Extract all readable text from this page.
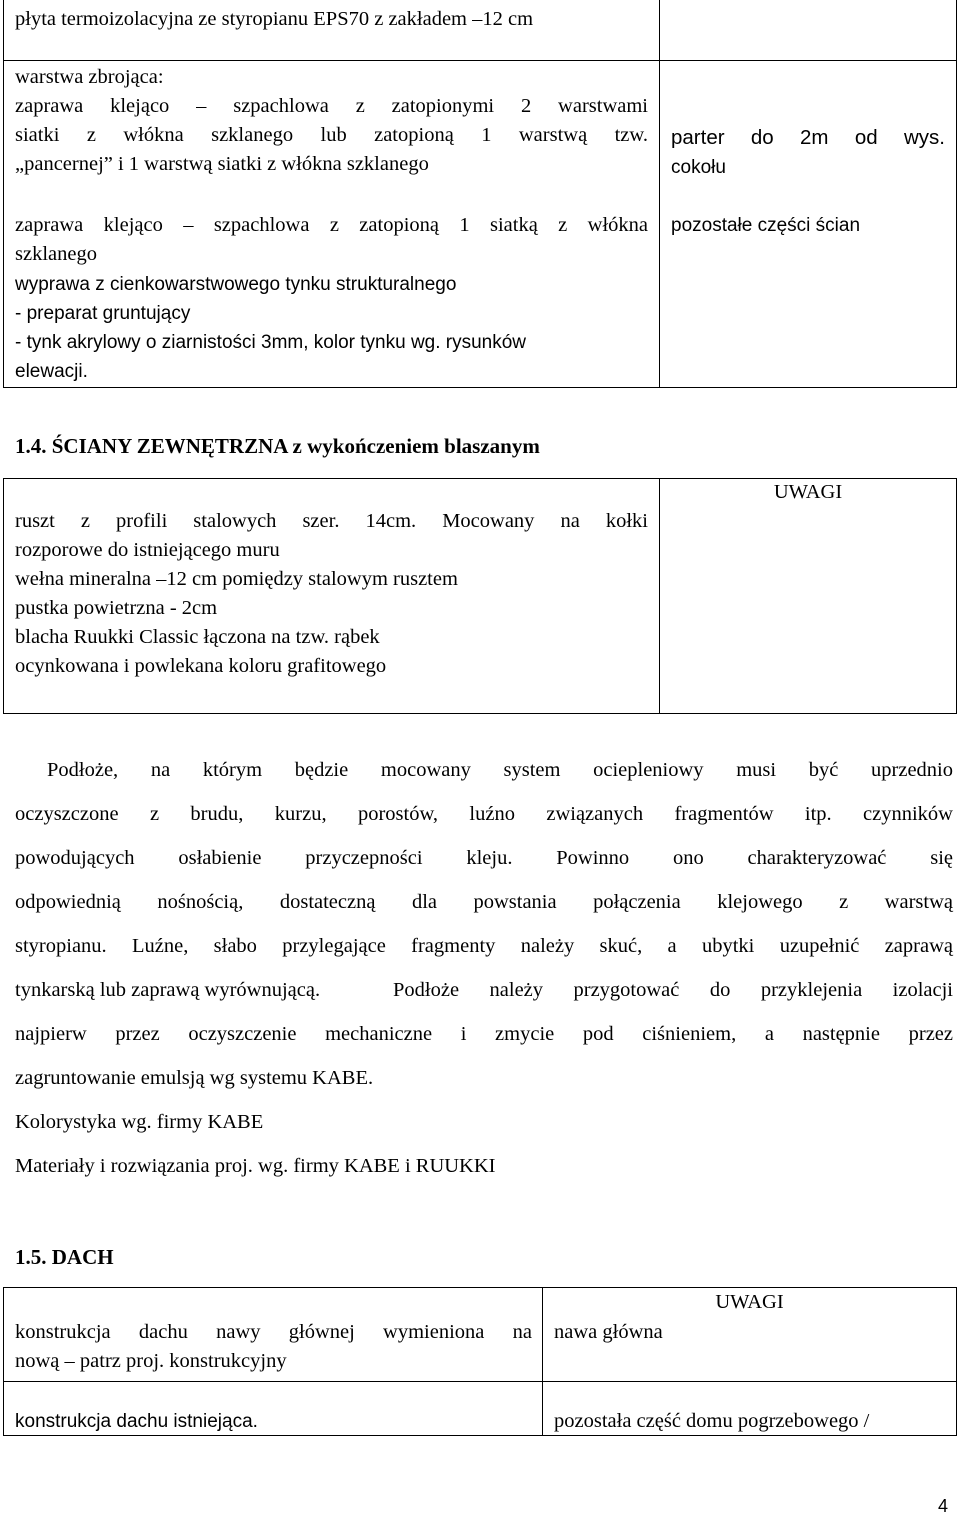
płyta termoizolacyjna ze styropianu EPS70 z zakładem –12 cm
warstwa zbrojąca:
zaprawa klejąco – szpachlowa z zatopionymi 2 warstwami
siatki z włókna szklanego lub zatopioną 1 warstwą tzw.
„pancernej” i 1 warstwą siatki z włókna szklanego
zaprawa klejąco – szpachlowa z zatopioną 1 siatką z włókna
szklanego
wyprawa z cienkowarstwowego tynku strukturalnego
- preparat gruntujący
- tynk akrylowy o ziarnistości 3mm, kolor tynku wg. rysunków
elewacji.
parter do 2m od wys.
cokołu
pozostałe części ścian
1.4. ŚCIANY ZEWNĘTRZNA z wykończeniem blaszanym
UWAGI
ruszt z profili stalowych szer. 14cm. Mocowany na kołki
rozporowe do istniejącego muru
wełna mineralna –12 cm pomiędzy stalowym rusztem
pustka powietrzna - 2cm
blacha Ruukki Classic łączona na tzw. rąbek
ocynkowana i powlekana koloru grafitowego
Podłoże, na którym będzie mocowany system ociepleniowy musi być uprzednio
oczyszczone z brudu, kurzu, porostów, luźno związanych fragmentów itp. czynników
powodujących osłabienie przyczepności kleju. Powinno ono charakteryzować się
odpowiednią nośnością, dostateczną dla powstania połączenia klejowego z warstwą
styropianu. Luźne, słabo przylegające fragmenty należy skuć, a ubytki uzupełnić zaprawą
tynkarską lub zaprawą wyrównującą.	Podłoże należy przygotować do przyklejenia izolacji
najpierw przez oczyszczenie mechaniczne i zmycie pod ciśnieniem, a następnie przez
zagruntowanie emulsją wg systemu KABE.
Kolorystyka wg. firmy KABE
Materiały i rozwiązania proj. wg. firmy KABE i RUUKKI
1.5. DACH
UWAGI
konstrukcja dachu nawy głównej wymieniona na
nową – patrz proj. konstrukcyjny
nawa główna
konstrukcja dachu istniejąca.	pozostała część domu pogrzebowego /
4
